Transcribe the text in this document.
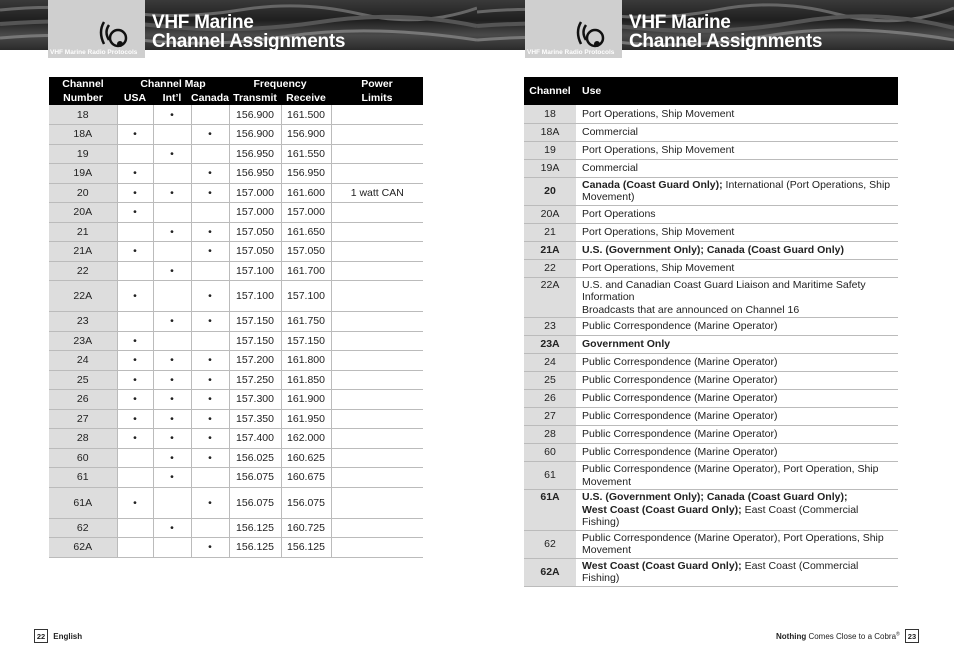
VHF Marine
Channel Assignments
VHF Marine Radio Protocols
VHF Marine
Channel Assignments
VHF Marine Radio Protocols
Channel	Channel Map			Frequency		Power
Number	USA	Int’l	Canada	Transmit	Receive	Limits
18		•		156.900	161.500	
18A	•		•	156.900	156.900	
19		•		156.950	161.550	
19A	•		•	156.950	156.950	
20	•	•	•	157.000	161.600	1 watt CAN
20A	•			157.000	157.000	
21		•	•	157.050	161.650	
21A	•		•	157.050	157.050	
22		•		157.100	161.700	
22A	•		•	157.100	157.100	
23		•	•	157.150	161.750	
23A	•			157.150	157.150	
24	•	•	•	157.200	161.800	
25	•	•	•	157.250	161.850	
26	•	•	•	157.300	161.900	
27	•	•	•	157.350	161.950	
28	•	•	•	157.400	162.000	
60		•	•	156.025	160.625	
61		•		156.075	160.675	
61A	•		•	156.075	156.075	
62		•		156.125	160.725	
62A			•	156.125	156.125	
Channel	Use
18	Port Operations, Ship Movement
18A	Commercial
19	Port Operations, Ship Movement
19A	Commercial
20	Canada (Coast Guard Only); International (Port Operations, Ship Movement)
20A	Port Operations
21	Port Operations, Ship Movement
21A	U.S. (Government Only); Canada (Coast Guard Only)
22	Port Operations, Ship Movement
22A	U.S. and Canadian Coast Guard Liaison and Maritime Safety Information
Broadcasts that are announced on Channel 16
23	Public Correspondence (Marine Operator)
23A	Government Only
24	Public Correspondence (Marine Operator)
25	Public Correspondence (Marine Operator)
26	Public Correspondence (Marine Operator)
27	Public Correspondence (Marine Operator)
28	Public Correspondence (Marine Operator)
60	Public Correspondence (Marine Operator)
61	Public Correspondence (Marine Operator), Port Operation, Ship Movement
61A	U.S. (Government Only); Canada (Coast Guard Only);
West Coast (Coast Guard Only); East Coast (Commercial Fishing)
62	Public Correspondence (Marine Operator), Port Operations, Ship Movement
62A	West Coast (Coast Guard Only); East Coast (Commercial Fishing)
22 English	Nothing Comes Close to a Cobra® 23
